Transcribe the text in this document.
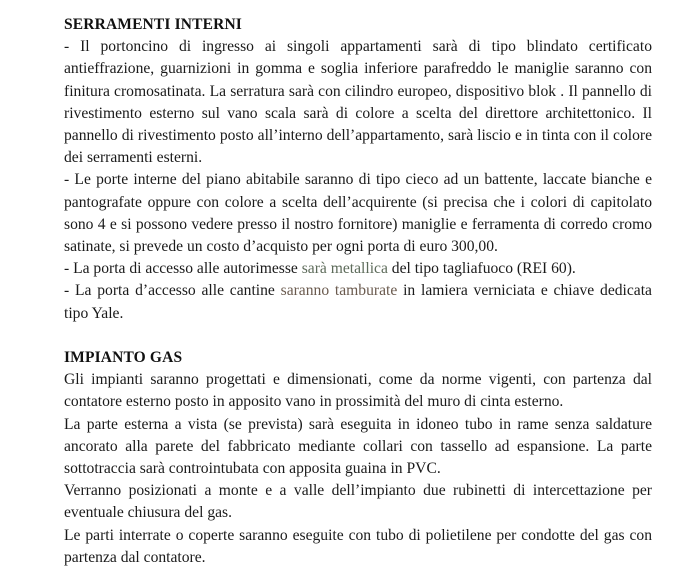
SERRAMENTI INTERNI

- Il portoncino di ingresso ai singoli appartamenti sarà di tipo blindato certificato antieffrazione, guarnizioni in gomma e soglia inferiore parafreddo le maniglie saranno con finitura cromosatinata. La serratura sarà con cilindro europeo, dispositivo blok . Il pannello di rivestimento esterno sul vano scala sarà di colore a scelta del direttore architettonico. Il pannello di rivestimento posto all’interno dell’appartamento, sarà liscio e in tinta con il colore dei serramenti esterni.

- Le porte interne del piano abitabile saranno di tipo cieco ad un battente, laccate bianche e pantografate oppure con colore a scelta dell’acquirente (si precisa che i colori di capitolato sono 4 e si possono vedere presso il nostro fornitore) maniglie e ferramenta di corredo cromo satinate, si prevede un costo d’acquisto per ogni porta di euro 300,00.

- La porta di accesso alle autorimesse sarà metallica del tipo tagliafuoco (REI 60).

- La porta d’accesso alle cantine saranno tamburate in lamiera verniciata e chiave dedicata tipo Yale.

IMPIANTO GAS

Gli impianti saranno progettati e dimensionati, come da norme vigenti, con partenza dal contatore esterno posto in apposito vano in prossimità del muro di cinta esterno.

La parte esterna a vista (se prevista) sarà eseguita in idoneo tubo in rame senza saldature ancorato alla parete del fabbricato mediante collari con tassello ad espansione. La parte sottotraccia sarà controintubata con apposita guaina in PVC.

Verranno posizionati a monte e a valle dell’impianto due rubinetti di intercettazione per eventuale chiusura del gas.

Le parti interrate o coperte saranno eseguite con tubo di polietilene per condotte del gas con partenza dal contatore.
